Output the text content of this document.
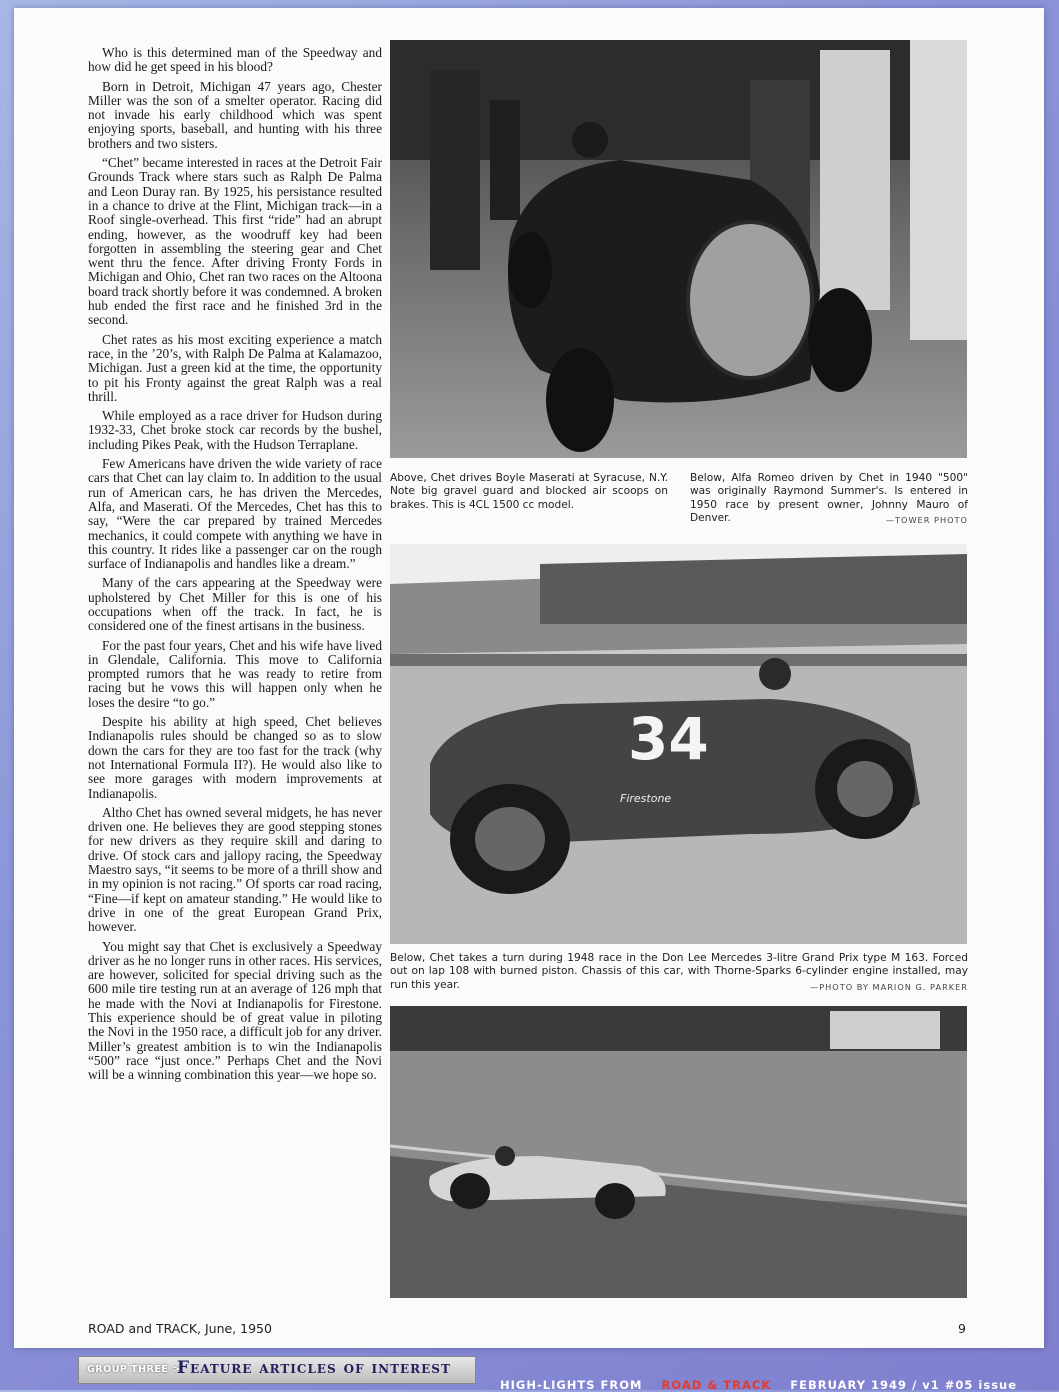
Who is this determined man of the Speedway and how did he get speed in his blood?

Born in Detroit, Michigan 47 years ago, Chester Miller was the son of a smelter operator. Racing did not invade his early childhood which was spent enjoying sports, baseball, and hunting with his three brothers and two sisters.

“Chet” became interested in races at the Detroit Fair Grounds Track where stars such as Ralph De Palma and Leon Duray ran. By 1925, his persistance resulted in a chance to drive at the Flint, Michigan track—in a Roof single-overhead. This first “ride” had an abrupt ending, however, as the woodruff key had been forgotten in assembling the steering gear and Chet went thru the fence. After driving Fronty Fords in Michigan and Ohio, Chet ran two races on the Altoona board track shortly before it was condemned. A broken hub ended the first race and he finished 3rd in the second.

Chet rates as his most exciting experience a match race, in the ’20’s, with Ralph De Palma at Kalamazoo, Michigan. Just a green kid at the time, the opportunity to pit his Fronty against the great Ralph was a real thrill.

While employed as a race driver for Hudson during 1932-33, Chet broke stock car records by the bushel, including Pikes Peak, with the Hudson Terraplane.

Few Americans have driven the wide variety of race cars that Chet can lay claim to. In addition to the usual run of American cars, he has driven the Mercedes, Alfa, and Maserati. Of the Mercedes, Chet has this to say, “Were the car prepared by trained Mercedes mechanics, it could compete with anything we have in this country. It rides like a passenger car on the rough surface of Indianapolis and handles like a dream.”

Many of the cars appearing at the Speedway were upholstered by Chet Miller for this is one of his occupations when off the track. In fact, he is considered one of the finest artisans in the business.

For the past four years, Chet and his wife have lived in Glendale, California. This move to California prompted rumors that he was ready to retire from racing but he vows this will happen only when he loses the desire “to go.”

Despite his ability at high speed, Chet believes Indianapolis rules should be changed so as to slow down the cars for they are too fast for the track (why not International Formula II?). He would also like to see more garages with modern improvements at Indianapolis.

Altho Chet has owned several midgets, he has never driven one. He believes they are good stepping stones for new drivers as they require skill and daring to drive. Of stock cars and jallopy racing, the Speedway Maestro says, “it seems to be more of a thrill show and in my opinion is not racing.” Of sports car road racing, “Fine—if kept on amateur standing.” He would like to drive in one of the great European Grand Prix, however.

You might say that Chet is exclusively a Speedway driver as he no longer runs in other races. His services, are however, solicited for special driving such as the 600 mile tire testing run at an average of 126 mph that he made with the Novi at Indianapolis for Firestone. This experience should be of great value in piloting the Novi in the 1950 race, a difficult job for any driver. Miller’s greatest ambition is to win the Indianapolis “500” race “just once.” Perhaps Chet and the Novi will be a winning combination this year—we hope so.

Above, Chet drives Boyle Maserati at Syracuse, N.Y. Note big gravel guard and blocked air scoops on brakes. This is 4CL 1500 cc model.
Below, Alfa Romeo driven by Chet in 1940 "500" was originally Raymond Summer's. Is entered in 1950 race by present owner, Johnny Mauro of Denver.	—TOWER PHOTO
34
Firestone
Below, Chet takes a turn during 1948 race in the Don Lee Mercedes 3-litre Grand Prix type M 163. Forced out on lap 108 with burned piston. Chassis of this car, with Thorne-Sparks 6-cylinder engine installed, may run this year.	—PHOTO BY MARION G. PARKER
ROAD and TRACK, June, 1950	9
GROUP THREE >
Feature articles of interest
HIGH-LIGHTS FROM ROAD & TRACK FEBRUARY 1949 / v1 #05 issue
